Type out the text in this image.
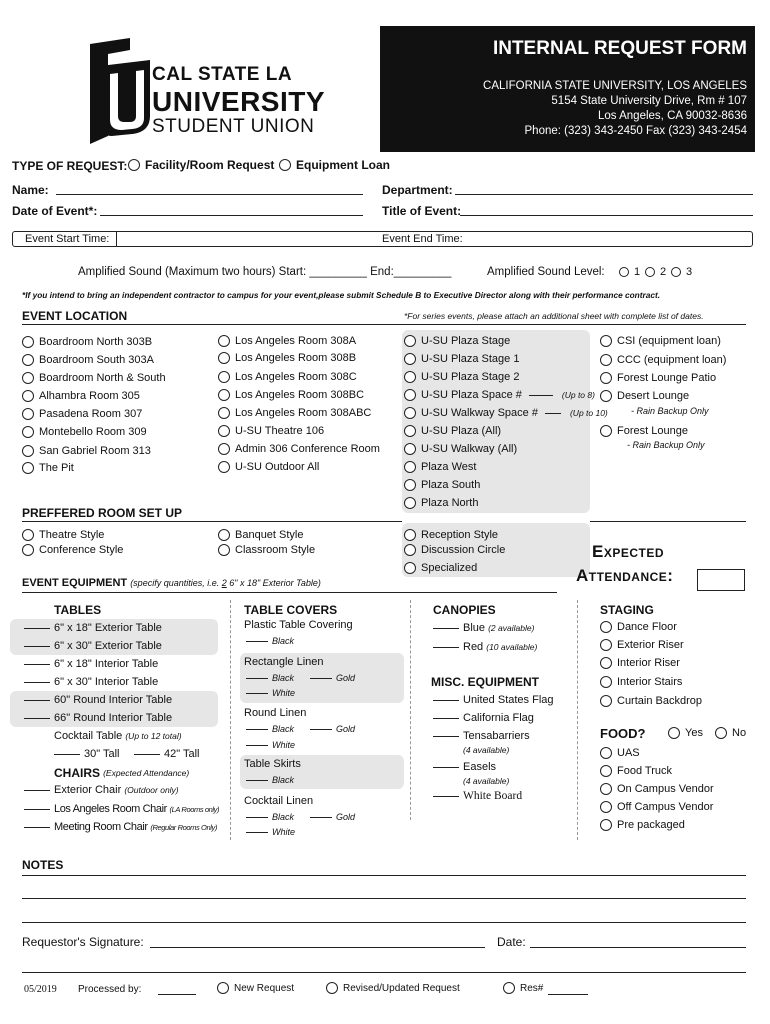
CAL STATE LA
UNIVERSITY
STUDENT UNION
INTERNAL REQUEST FORM
CALIFORNIA STATE UNIVERSITY, LOS ANGELES
5154 State University Drive, Rm # 107
Los Angeles, CA 90032-8636
Phone: (323) 343-2450 Fax (323) 343-2454
TYPE OF REQUEST: Facility/Room Request Equipment Loan
Name:	Department:
Date of Event*:	Title of Event:
Event Start Time:	Event End Time:
Amplified Sound (Maximum two hours) Start: _________ End:_________	Amplified Sound Level:	1 2 3
*If you intend to bring an independent contractor to campus for your event,please submit Schedule B to Executive Director along with their performance contract.
EVENT LOCATION	*For series events, please attach an additional sheet with complete list of dates.
Boardroom North 303B
Boardroom South 303A
Boardroom North & South
Alhambra Room 305
Pasadena Room 307
Montebello Room 309
San Gabriel Room 313
The Pit
Los Angeles Room 308A
Los Angeles Room 308B
Los Angeles Room 308C
Los Angeles Room 308BC
Los Angeles Room 308ABC
U-SU Theatre 106
Admin 306 Conference Room
U-SU Outdoor All
U-SU Plaza Stage
U-SU Plaza Stage 1
U-SU Plaza Stage 2
U-SU Plaza Space #	(Up to 8)
U-SU Walkway Space #	(Up to 10)
U-SU Plaza (All)
U-SU Walkway (All)
Plaza West
Plaza South
Plaza North
CSI (equipment loan)
CCC (equipment loan)
Forest Lounge Patio
Desert Lounge
- Rain Backup Only
Forest Lounge
- Rain Backup Only
PREFFERED ROOM SET UP
Theatre Style
Conference Style
Banquet Style
Classroom Style
Reception Style
Discussion Circle
Specialized
Expected
Attendance:
EVENT EQUIPMENT (specify quantities, i.e. 2 6" x 18" Exterior Table)
TABLES
6" x 18" Exterior Table
6" x 30" Exterior Table
6" x 18" Interior Table
6" x 30" Interior Table
60" Round Interior Table
66" Round Interior Table
Cocktail Table
(Up to 12 total)
30" Tall	42" Tall
CHAIRS
(Expected Attendance)
Exterior Chair
(Outdoor only)
Los Angeles Room Chair
(LA Rooms only)
Meeting Room Chair
(Regular Rooms Only)
TABLE COVERS
Plastic Table Covering
Black
Rectangle Linen
Black	Gold
White
Round Linen
Black	Gold
White
Table Skirts
Black
Cocktail Linen
Black	Gold
White
CANOPIES
Blue
(2 available)
Red
(10 available)
MISC. EQUIPMENT
United States Flag
California Flag
Tensabarriers
(4 available)
Easels
(4 available)
White Board
STAGING
Dance Floor
Exterior Riser
Interior Riser
Interior Stairs
Curtain Backdrop
FOOD?	Yes	No
UAS
Food Truck
On Campus Vendor
Off Campus Vendor
Pre packaged
NOTES
Requestor's Signature:	Date:
05/2019 Processed by:	New Request	Revised/Updated Request	Res#
